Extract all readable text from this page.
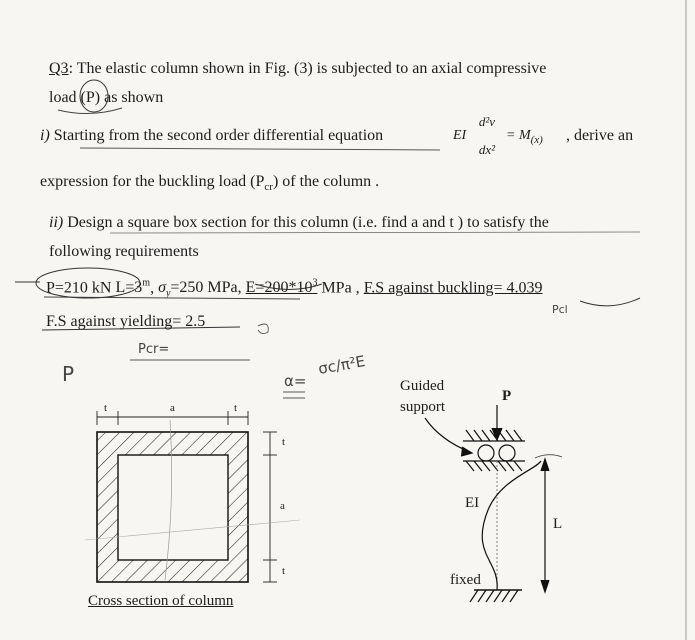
Q3: The elastic column shown in Fig. (3) is subjected to an axial compressive
load (P) as shown
i) Starting from the second order differential equation	EI
d²v
dx²
= $M_{(x)}$ , derive an
expression for the buckling load $(P_{cr})$ of the column .
ii) Design a square box section for this column (i.e. find a and t ) to satisfy the
following requirements
P=210 kN $L=3^m$, $\sigma_y=250$ MPa, $E=200*10^3$ MPa , F.S against buckling= 4.039
F.S against yielding= 2.5
t	a	t
t
a
t
Cross section of column
Guided
support
P
EI
L
fixed
P
Pcr=
α=
σc/π²E
Pcl
